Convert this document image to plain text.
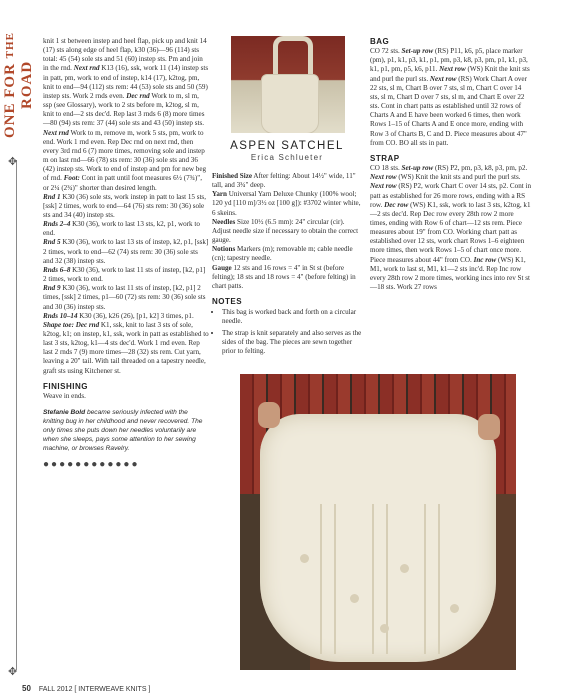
ONE FOR THE ROAD
✥
✥

knit 1 st between instep and heel flap, pick up and knit 14 (17) sts along edge of heel flap, k30 (36)—96 (114) sts total: 45 (54) sole sts and 51 (60) instep sts. Pm and join in the rnd. Next rnd K13 (16), ssk, work 11 (14) instep sts in patt, pm, work to end of instep, k14 (17), k2tog, pm, knit to end—94 (112) sts rem: 44 (53) sole sts and 50 (59) instep sts. Work 2 rnds even. Dec rnd Work to m, sl m, ssp (see Glossary), work to 2 sts before m, k2tog, sl m, knit to end—2 sts dec'd. Rep last 3 rnds 6 (8) more times—80 (94) sts rem: 37 (44) sole sts and 43 (50) instep sts. Next rnd Work to m, remove m, work 5 sts, pm, work to end. Work 1 rnd even. Rep Dec rnd on next rnd, then every 3rd rnd 6 (7) more times, removing sole and instep m on last rnd—66 (78) sts rem: 30 (36) sole sts and 36 (42) instep sts. Work to end of instep and pm for new beg of rnd. Foot: Cont in patt until foot measures 6½ (7¾)", or 2¼ (2¾)" shorter than desired length.

Rnd 1 K30 (36) sole sts, work instep in patt to last 15 sts, [ssk] 2 times, work to end—64 (76) sts rem: 30 (36) sole sts and 34 (40) instep sts.

Rnds 2–4 K30 (36), work to last 13 sts, k2, p1, work to end.

Rnd 5 K30 (36), work to last 13 sts of instep, k2, p1, [ssk] 2 times, work to end—62 (74) sts rem: 30 (36) sole sts and 32 (38) instep sts.

Rnds 6–8 K30 (36), work to last 11 sts of instep, [k2, p1] 2 times, work to end.

Rnd 9 K30 (36), work to last 11 sts of instep, [k2, p1] 2 times, [ssk] 2 times, p1—60 (72) sts rem: 30 (36) sole sts and 30 (36) instep sts.

Rnds 10–14 K30 (36), k26 (26), [p1, k2] 3 times, p1.

Shape toe: Dec rnd K1, ssk, knit to last 3 sts of sole, k2tog, k1; on instep, k1, ssk, work in patt as established to last 3 sts, k2tog, k1—4 sts dec'd. Work 1 rnd even. Rep last 2 rnds 7 (9) more times—28 (32) sts rem. Cut yarn, leaving a 20" tail. With tail threaded on a tapestry needle, graft sts using Kitchener st.

FINISHING

Weave in ends.

Stefanie Bold became seriously infected with the knitting bug in her childhood and never recovered. The only times she puts down her needles voluntarily are when she sleeps, pays some attention to her sewing machine, or browses Ravelry.

●●●●●●●●●●●●

ASPEN SATCHEL
Erica Schlueter

Finished Size After felting: About 14½" wide, 11" tall, and 3¾" deep.

Yarn Universal Yarn Deluxe Chunky (100% wool; 120 yd [110 m]/3½ oz [100 g]): #3702 winter white, 6 skeins.

Needles Size 10½ (6.5 mm): 24" circular (cir). Adjust needle size if necessary to obtain the correct gauge.

Notions Markers (m); removable m; cable needle (cn); tapestry needle.

Gauge 12 sts and 16 rows = 4" in St st (before felting); 18 sts and 18 rows = 4" (before felting) in chart patts.

NOTES

• This bag is worked back and forth on a circular needle.
• The strap is knit separately and also serves as the sides of the bag. The pieces are sewn together prior to felting.

BAG

CO 72 sts. Set-up row (RS) P11, k6, p5, place marker (pm), p1, k1, p3, k1, p1, pm, p3, k8, p3, pm, p1, k1, p3, k1, p1, pm, p5, k6, p11. Next row (WS) Knit the knit sts and purl the purl sts. Next row (RS) Work Chart A over 22 sts, sl m, Chart B over 7 sts, sl m, Chart C over 14 sts, sl m, Chart D over 7 sts, sl m, and Chart E over 22 sts. Cont in chart patts as established until 32 rows of Charts A and E have been worked 6 times, then work Rows 1–15 of Charts A and E once more, ending with Row 3 of Charts B, C and D. Piece measures about 47" from CO. BO all sts in patt.

STRAP

CO 18 sts. Set-up row (RS) P2, pm, p3, k8, p3, pm, p2. Next row (WS) Knit the knit sts and purl the purl sts. Next row (RS) P2, work Chart C over 14 sts, p2. Cont in patt as established for 26 more rows, ending with a RS row. Dec row (WS) K1, ssk, work to last 3 sts, k2tog, k1—2 sts dec'd. Rep Dec row every 28th row 2 more times, ending with Row 6 of chart—12 sts rem. Piece measures about 19" from CO. Working chart patt as established over 12 sts, work chart Rows 1–6 eighteen more times, then work Rows 1–5 of chart once more. Piece measures about 44" from CO. Inc row (WS) K1, M1, work to last st, M1, k1—2 sts inc'd. Rep Inc row every 28th row 2 more times, working incs into rev St st—18 sts. Work 27 rows

50 FALL 2012 [ INTERWEAVE KNITS ]
